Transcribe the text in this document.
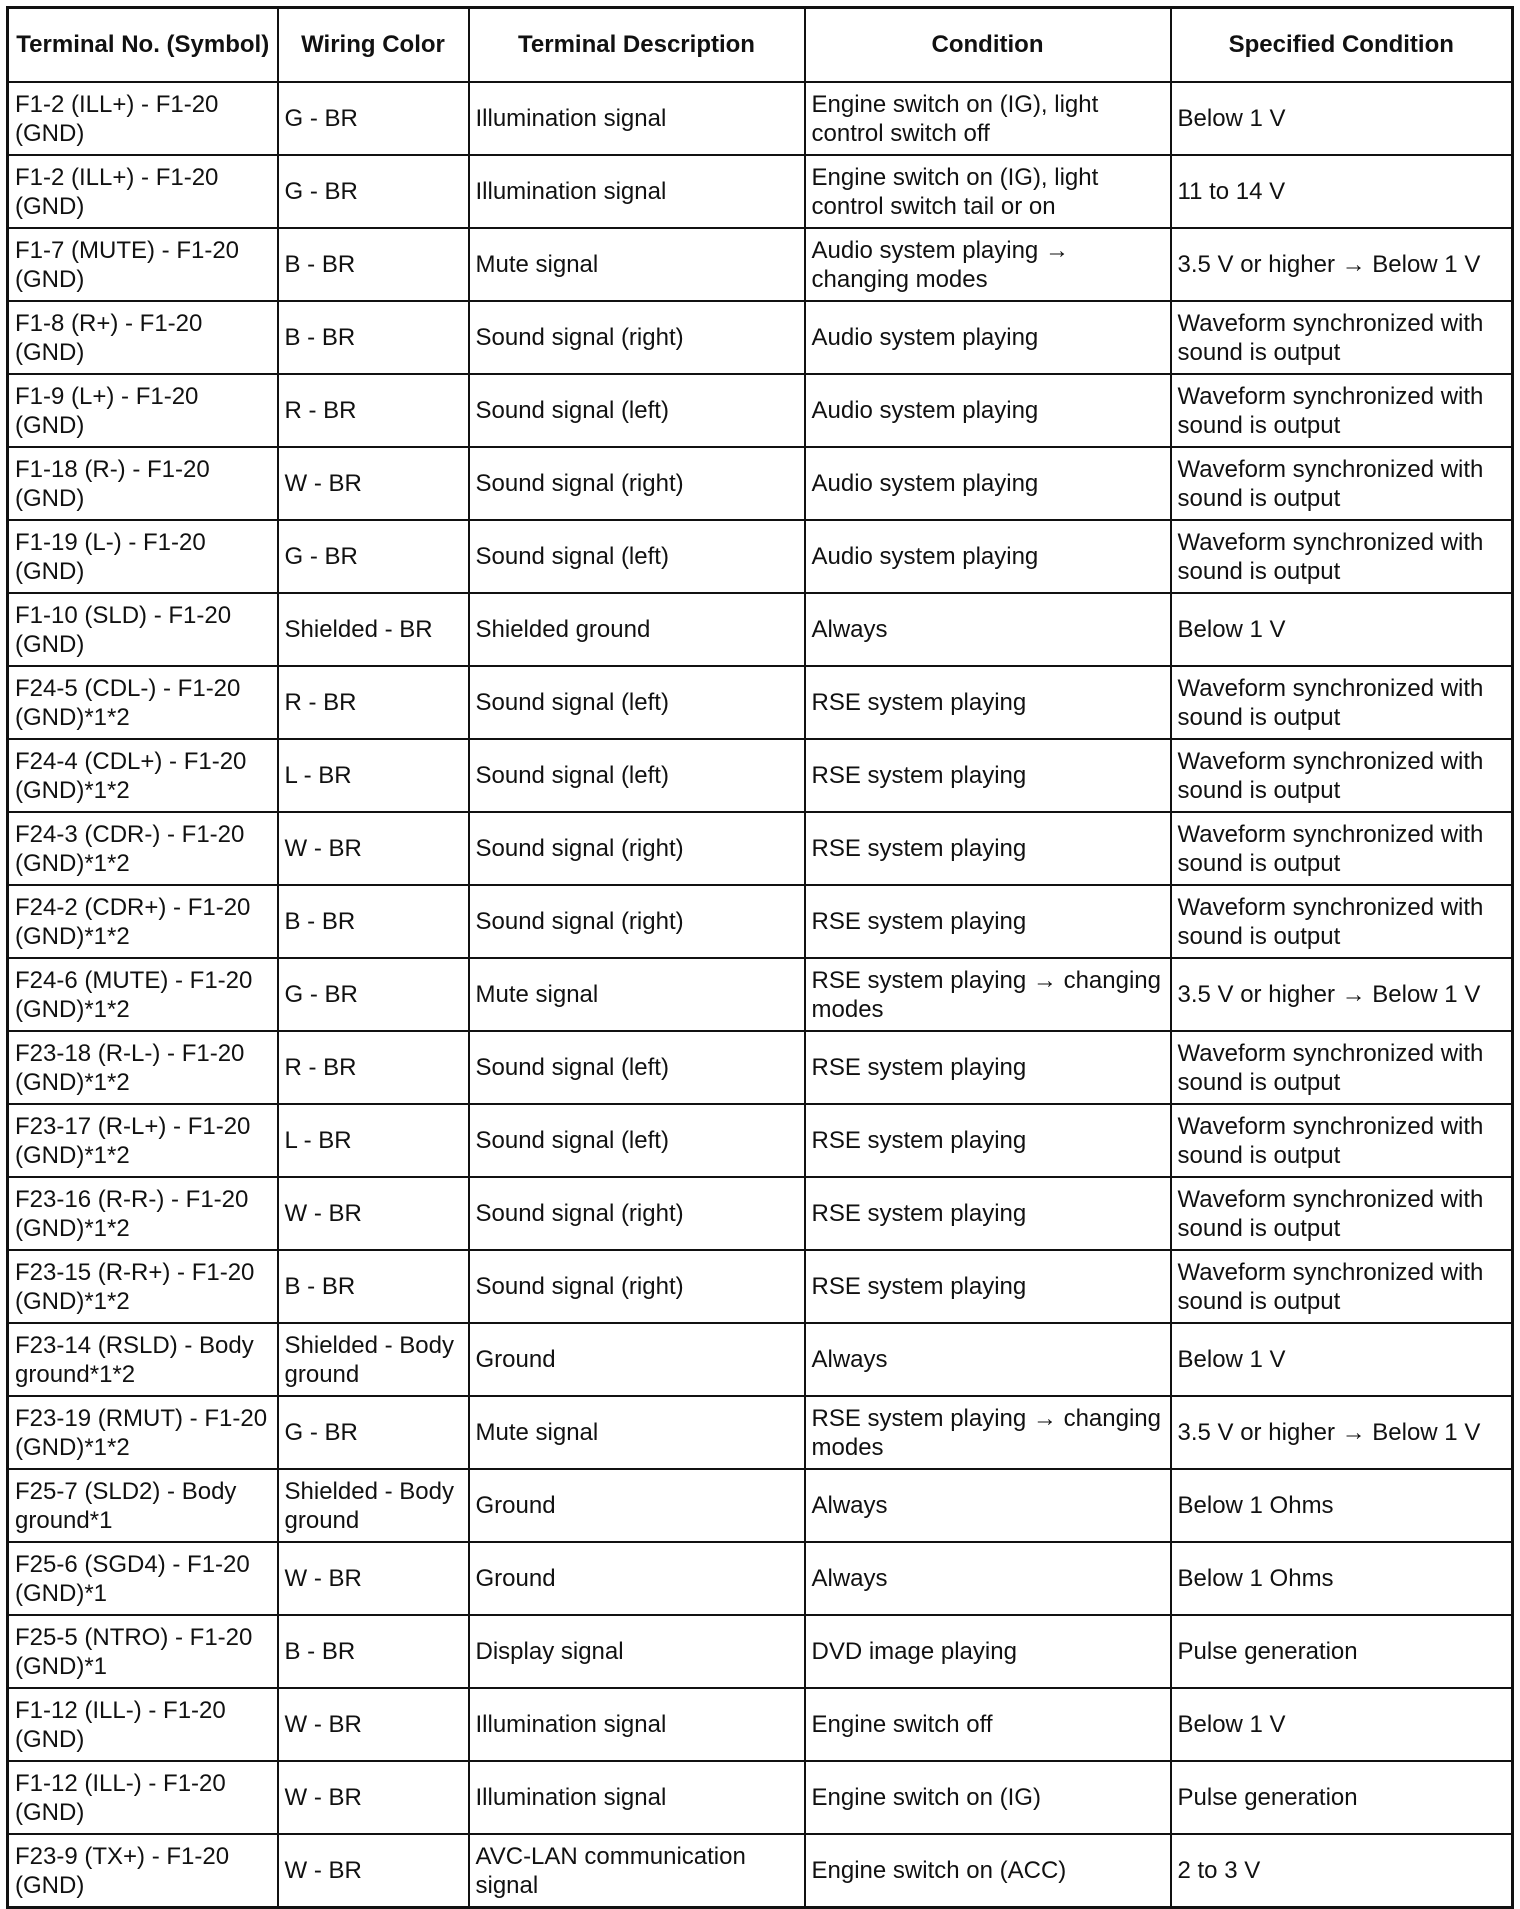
Terminal No. (Symbol)	Wiring Color	Terminal Description	Condition	Specified Condition
F1-2 (ILL+) - F1-20 (GND)	G - BR	Illumination signal	Engine switch on (IG), light control switch off	Below 1 V
F1-2 (ILL+) - F1-20 (GND)	G - BR	Illumination signal	Engine switch on (IG), light control switch tail or on	11 to 14 V
F1-7 (MUTE) - F1-20 (GND)	B - BR	Mute signal	Audio system playing → changing modes	3.5 V or higher → Below 1 V
F1-8 (R+) - F1-20 (GND)	B - BR	Sound signal (right)	Audio system playing	Waveform synchronized with sound is output
F1-9 (L+) - F1-20 (GND)	R - BR	Sound signal (left)	Audio system playing	Waveform synchronized with sound is output
F1-18 (R-) - F1-20 (GND)	W - BR	Sound signal (right)	Audio system playing	Waveform synchronized with sound is output
F1-19 (L-) - F1-20 (GND)	G - BR	Sound signal (left)	Audio system playing	Waveform synchronized with sound is output
F1-10 (SLD) - F1-20 (GND)	Shielded - BR	Shielded ground	Always	Below 1 V
F24-5 (CDL-) - F1-20 (GND)*1*2	R - BR	Sound signal (left)	RSE system playing	Waveform synchronized with sound is output
F24-4 (CDL+) - F1-20 (GND)*1*2	L - BR	Sound signal (left)	RSE system playing	Waveform synchronized with sound is output
F24-3 (CDR-) - F1-20 (GND)*1*2	W - BR	Sound signal (right)	RSE system playing	Waveform synchronized with sound is output
F24-2 (CDR+) - F1-20 (GND)*1*2	B - BR	Sound signal (right)	RSE system playing	Waveform synchronized with sound is output
F24-6 (MUTE) - F1-20 (GND)*1*2	G - BR	Mute signal	RSE system playing → changing modes	3.5 V or higher → Below 1 V
F23-18 (R-L-) - F1-20 (GND)*1*2	R - BR	Sound signal (left)	RSE system playing	Waveform synchronized with sound is output
F23-17 (R-L+) - F1-20 (GND)*1*2	L - BR	Sound signal (left)	RSE system playing	Waveform synchronized with sound is output
F23-16 (R-R-) - F1-20 (GND)*1*2	W - BR	Sound signal (right)	RSE system playing	Waveform synchronized with sound is output
F23-15 (R-R+) - F1-20 (GND)*1*2	B - BR	Sound signal (right)	RSE system playing	Waveform synchronized with sound is output
F23-14 (RSLD) - Body ground*1*2	Shielded - Body ground	Ground	Always	Below 1 V
F23-19 (RMUT) - F1-20 (GND)*1*2	G - BR	Mute signal	RSE system playing → changing modes	3.5 V or higher → Below 1 V
F25-7 (SLD2) - Body ground*1	Shielded - Body ground	Ground	Always	Below 1 Ohms
F25-6 (SGD4) - F1-20 (GND)*1	W - BR	Ground	Always	Below 1 Ohms
F25-5 (NTRO) - F1-20 (GND)*1	B - BR	Display signal	DVD image playing	Pulse generation
F1-12 (ILL-) - F1-20 (GND)	W - BR	Illumination signal	Engine switch off	Below 1 V
F1-12 (ILL-) - F1-20 (GND)	W - BR	Illumination signal	Engine switch on (IG)	Pulse generation
F23-9 (TX+) - F1-20 (GND)	W - BR	AVC-LAN communication signal	Engine switch on (ACC)	2 to 3 V
